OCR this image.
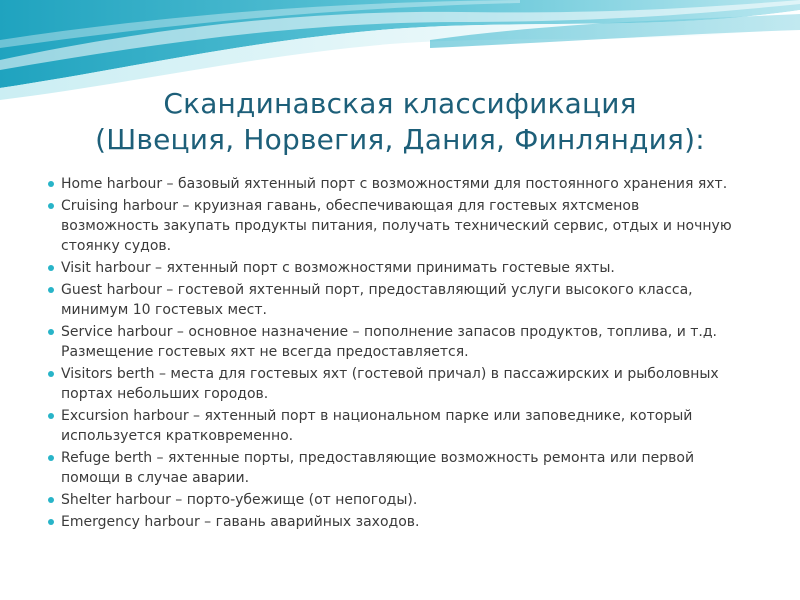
Скандинавская классификация
(Швеция, Норвегия, Дания, Финляндия):
Home harbour – базовый яхтенный порт с возможностями для постоянного хранения яхт.
Cruising harbour – круизная гавань, обеспечивающая для гостевых яхтсменов возможность закупать продукты питания, получать технический сервис, отдых и ночную стоянку судов.
Visit harbour – яхтенный порт с возможностями принимать гостевые яхты.
Guest harbour – гостевой яхтенный порт, предоставляющий услуги высокого класса, минимум 10 гостевых мест.
Service harbour – основное назначение – пополнение запасов продуктов, топлива, и т.д. Размещение гостевых яхт не всегда предоставляется.
Visitors berth – места для гостевых яхт (гостевой причал) в пассажирских и рыболовных портах небольших городов.
Excursion harbour – яхтенный порт в национальном парке или заповеднике, который используется кратковременно.
Refuge berth – яхтенные порты, предоставляющие возможность ремонта или первой помощи в случае аварии.
Shelter harbour – порто-убежище (от непогоды).
Emergency harbour – гавань аварийных заходов.
